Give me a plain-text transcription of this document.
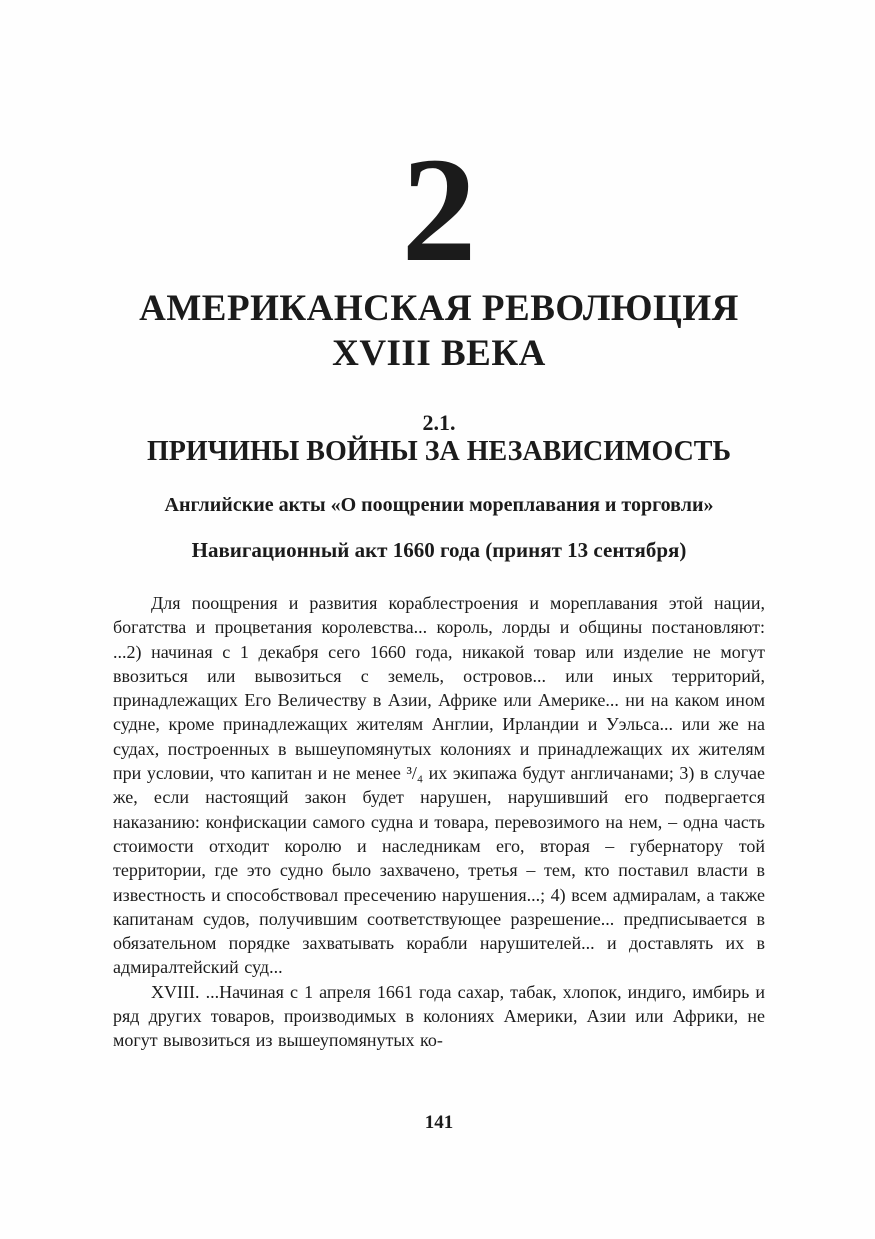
2
АМЕРИКАНСКАЯ РЕВОЛЮЦИЯ
XVIII ВЕКА
2.1.
ПРИЧИНЫ ВОЙНЫ ЗА НЕЗАВИСИМОСТЬ
Английские акты «О поощрении мореплавания и торговли»
Навигационный акт 1660 года (принят 13 сентября)

Для поощрения и развития кораблестроения и мореплавания этой нации, богатства и процветания королевства... король, лорды и общины постановляют: ...2) начиная с 1 декабря сего 1660 года, никакой товар или изделие не могут ввозиться или вывозиться с земель, островов... или иных территорий, принадлежащих Его Величеству в Азии, Африке или Америке... ни на каком ином судне, кроме принадлежащих жителям Англии, Ирландии и Уэльса... или же на судах, построенных в вышеупомянутых колониях и принадлежащих их жителям при условии, что капитан и не менее ³/₄ их экипажа будут англичанами; 3) в случае же, если настоящий закон будет нарушен, нарушивший его подвергается наказанию: конфискации самого судна и товара, перевозимого на нем, – одна часть стоимости отходит королю и наследникам его, вторая – губернатору той территории, где это судно было захвачено, третья – тем, кто поставил власти в известность и способствовал пресечению нарушения...; 4) всем адмиралам, а также капитанам судов, получившим соответствующее разрешение... предписывается в обязательном порядке захватывать корабли нарушителей... и доставлять их в адмиралтейский суд...

XVIII. ...Начиная с 1 апреля 1661 года сахар, табак, хлопок, индиго, имбирь и ряд других товаров, производимых в колониях Америки, Азии или Африки, не могут вывозиться из вышеупомянутых ко-

141
